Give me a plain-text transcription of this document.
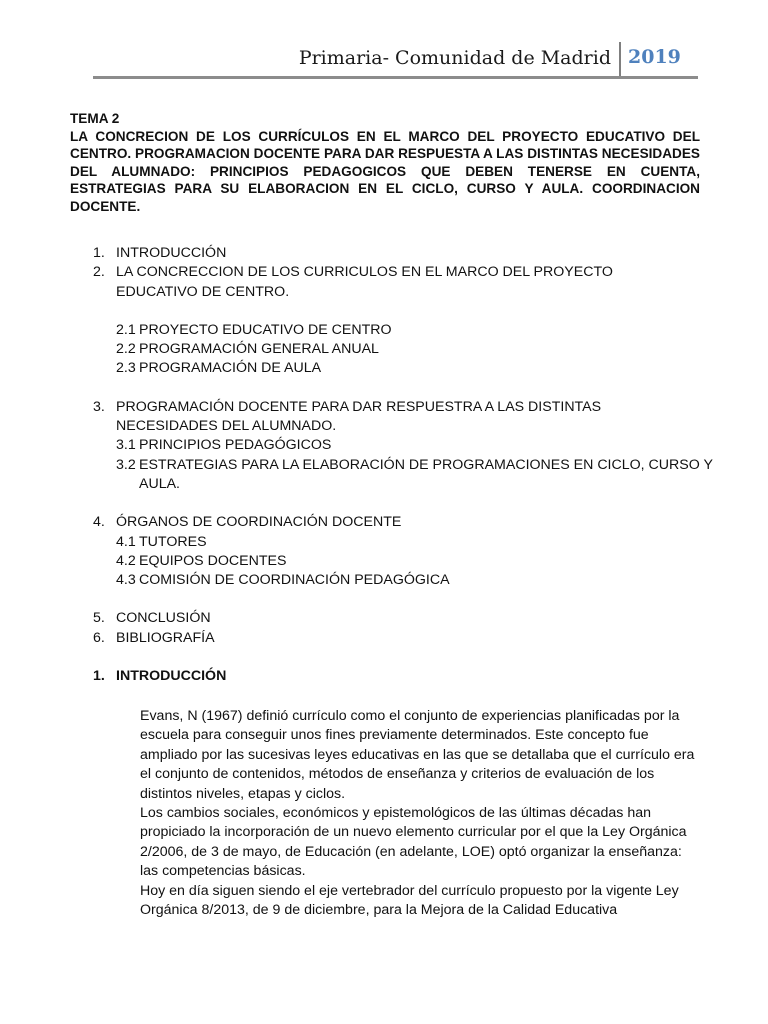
Primaria- Comunidad de Madrid 2019
TEMA 2
LA CONCRECION DE LOS CURRÍCULOS EN EL MARCO DEL PROYECTO EDUCATIVO DEL CENTRO. PROGRAMACION DOCENTE PARA DAR RESPUESTA A LAS DISTINTAS NECESIDADES DEL ALUMNADO: PRINCIPIOS PEDAGOGICOS QUE DEBEN TENERSE EN CUENTA, ESTRATEGIAS PARA SU ELABORACION EN EL CICLO, CURSO Y AULA. COORDINACION DOCENTE.
1. INTRODUCCIÓN
2. LA CONCRECCION DE LOS CURRICULOS EN EL MARCO DEL PROYECTO EDUCATIVO DE CENTRO.
2.1 PROYECTO EDUCATIVO DE CENTRO
2.2 PROGRAMACIÓN GENERAL ANUAL
2.3 PROGRAMACIÓN DE AULA
3. PROGRAMACIÓN DOCENTE PARA DAR RESPUESTRA A LAS DISTINTAS NECESIDADES DEL ALUMNADO.
3.1 PRINCIPIOS PEDAGÓGICOS
3.2 ESTRATEGIAS PARA LA ELABORACIÓN DE PROGRAMACIONES EN CICLO, CURSO Y AULA.
4. ÓRGANOS DE COORDINACIÓN DOCENTE
4.1 TUTORES
4.2 EQUIPOS DOCENTES
4.3 COMISIÓN DE COORDINACIÓN PEDAGÓGICA
5. CONCLUSIÓN
6. BIBLIOGRAFÍA
1. INTRODUCCIÓN

Evans, N (1967) definió currículo como el conjunto de experiencias planificadas por la escuela para conseguir unos fines previamente determinados. Este concepto fue ampliado por las sucesivas leyes educativas en las que se detallaba que el currículo era el conjunto de contenidos, métodos de enseñanza y criterios de evaluación de los distintos niveles, etapas y ciclos.

Los cambios sociales, económicos y epistemológicos de las últimas décadas han propiciado la incorporación de un nuevo elemento curricular por el que la Ley Orgánica 2/2006, de 3 de mayo, de Educación (en adelante, LOE) optó organizar la enseñanza: las competencias básicas.

Hoy en día siguen siendo el eje vertebrador del currículo propuesto por la vigente Ley Orgánica 8/2013, de 9 de diciembre, para la Mejora de la Calidad Educativa
